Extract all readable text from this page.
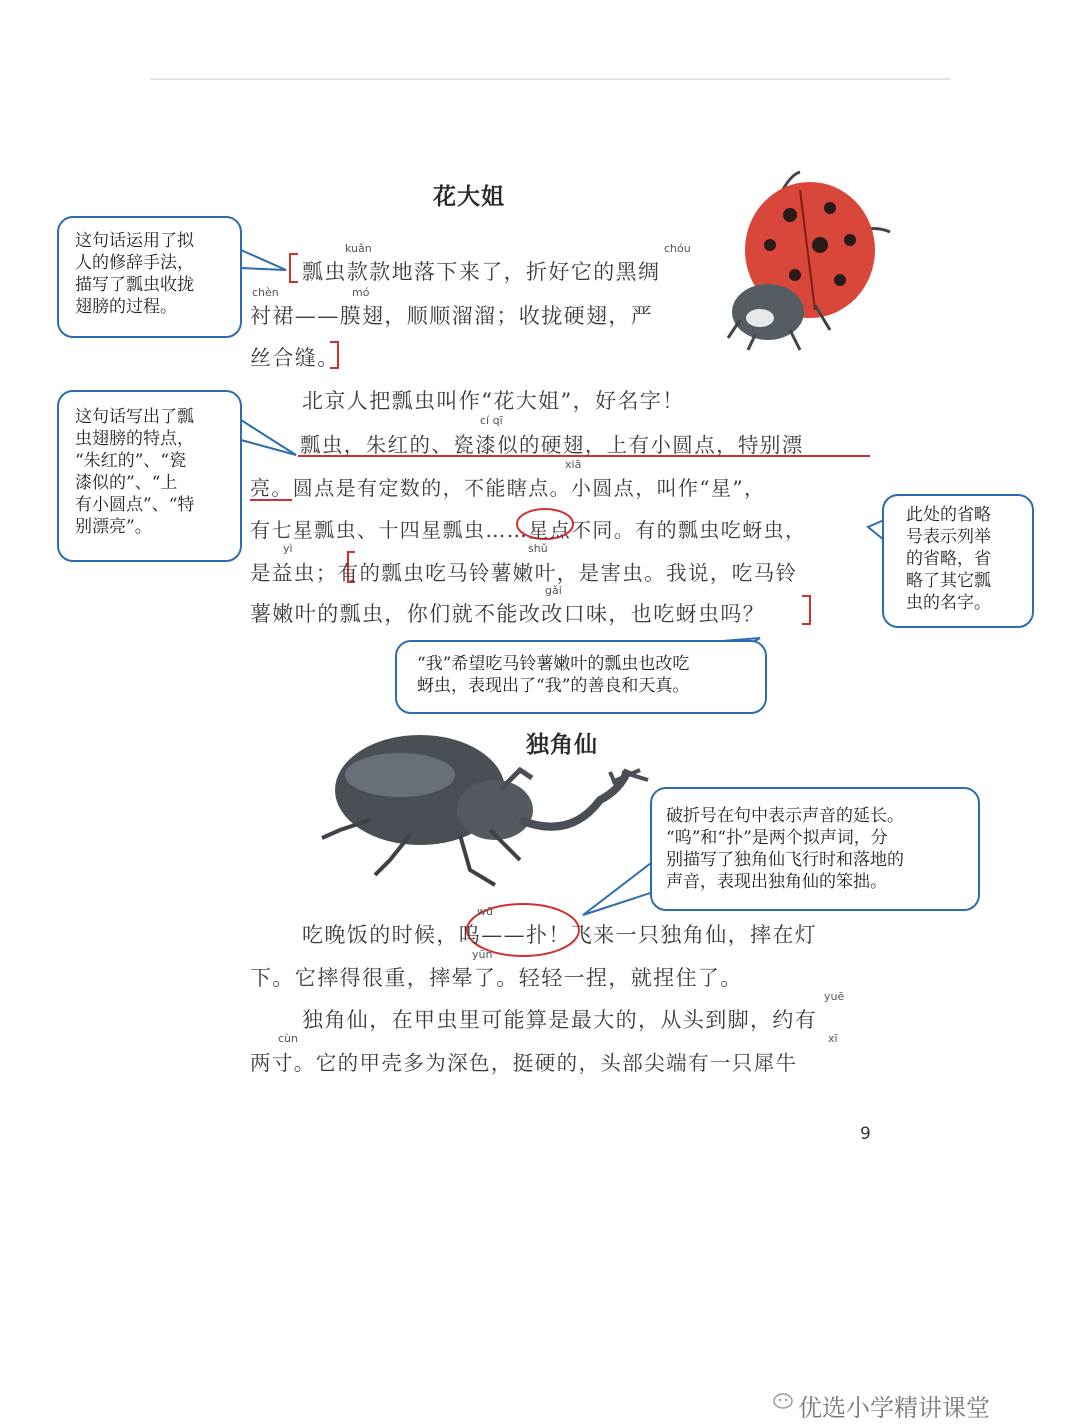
花大姐
独角仙
kuǎn	chóu
chèn	mó
cí qī
xiā
yì	shǔ
gǎi
wū
yūn
yuē
cùn	xī
瓢虫款款地落下来了，折好它的黑绸
衬裙——膜翅，顺顺溜溜；收拢硬翅，严
丝合缝。
北京人把瓢虫叫作“花大姐”，好名字！
瓢虫，朱红的、瓷漆似的硬翅，上有小圆点，特别漂
亮。圆点是有定数的，不能瞎点。小圆点，叫作“星”，
有七星瓢虫、十四星瓢虫……星点不同。有的瓢虫吃蚜虫，
是益虫；有的瓢虫吃马铃薯嫩叶，是害虫。我说，吃马铃
薯嫩叶的瓢虫，你们就不能改改口味，也吃蚜虫吗？
吃晚饭的时候，呜——扑！飞来一只独角仙，摔在灯
下。它摔得很重，摔晕了。轻轻一捏，就捏住了。
独角仙，在甲虫里可能算是最大的，从头到脚，约有
两寸。它的甲壳多为深色，挺硬的，头部尖端有一只犀牛
这句话运用了拟
人的修辞手法，
描写了瓢虫收拢
翅膀的过程。
这句话写出了瓢
虫翅膀的特点，
“朱红的”、“瓷
漆似的”、“上
有小圆点”、“特
别漂亮”。
此处的省略
号表示列举
的省略，省
略了其它瓢
虫的名字。
“我”希望吃马铃薯嫩叶的瓢虫也改吃
蚜虫，表现出了“我”的善良和天真。
破折号在句中表示声音的延长。
“呜”和“扑”是两个拟声词，分
别描写了独角仙飞行时和落地的
声音，表现出独角仙的笨拙。
9
优选小学精讲课堂
